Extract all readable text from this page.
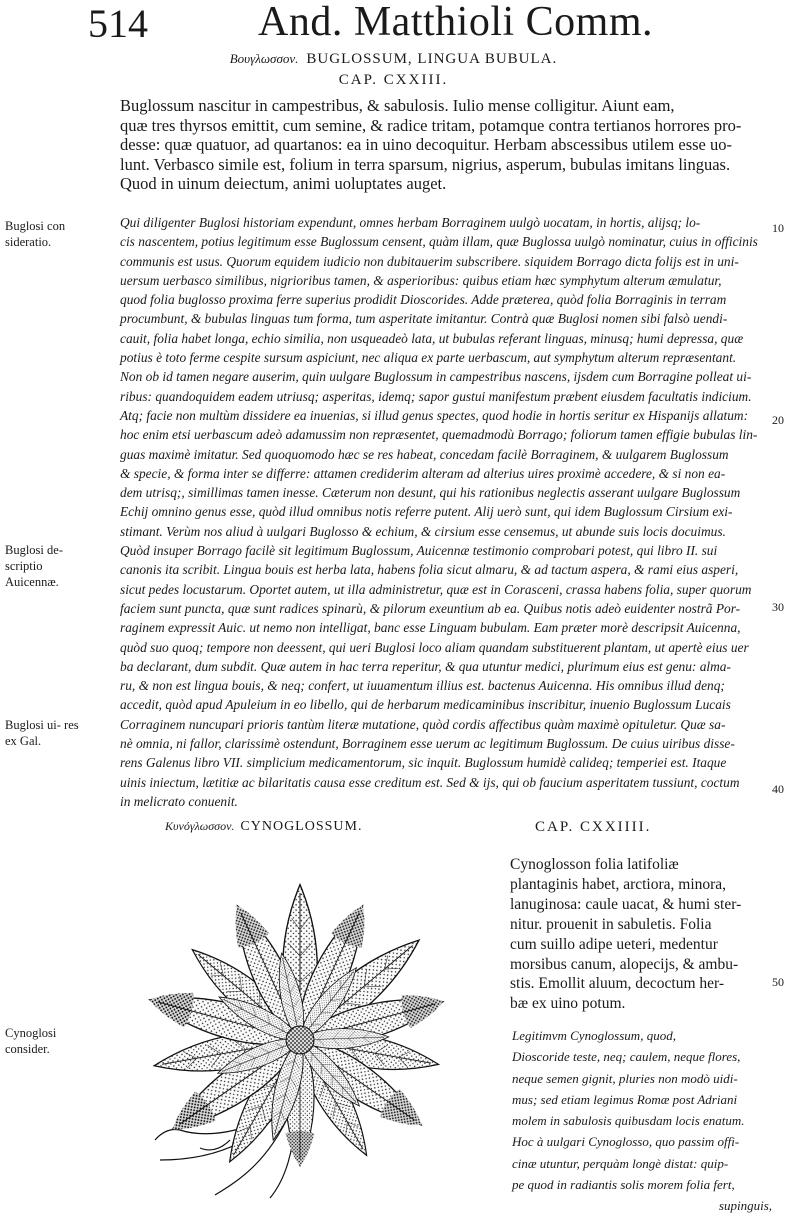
514	And. Matthioli Comm.
Βουγλωσσον. BUGLOSSUM, LINGUA BUBULA.
CAP. CXXIII.
Buglossum nascitur in campestribus, & sabulosis. Iulio mense colligitur. Aiunt eam,
quæ tres thyrsos emittit, cum semine, & radice tritam, potamque contra tertianos horrores pro-
desse: quæ quatuor, ad quartanos: ea in uino decoquitur. Herbam abscessibus utilem esse uo-
lunt. Verbasco simile est, folium in terra sparsum, nigrius, asperum, bubulas imitans linguas.
Quod in uinum deiectum, animi uoluptates auget.
Qui diligenter Buglosi historiam expendunt, omnes herbam Borraginem uulgò uocatam, in hortis, alijsq; lo-
cis nascentem, potius legitimum esse Buglossum censent, quàm illam, quæ Buglossa uulgò nominatur, cuius in officinis
communis est usus. Quorum equidem iudicio non dubitauerim subscribere. siquidem Borrago dicta folijs est in uni-
uersum uerbasco similibus, nigrioribus tamen, & asperioribus: quibus etiam hæc symphytum alterum æmulatur,
quod folia buglosso proxima ferre superius prodidit Dioscorides. Adde præterea, quòd folia Borraginis in terram
procumbunt, & bubulas linguas tum forma, tum asperitate imitantur. Contrà quæ Buglosi nomen sibi falsò uendi-
cauit, folia habet longa, echio similia, non usqueadeò lata, ut bubulas referant linguas, minusq; humi depressa, quæ
potius è toto ferme cespite sursum aspiciunt, nec aliqua ex parte uerbascum, aut symphytum alterum repræsentant.
Non ob id tamen negare auserim, quin uulgare Buglossum in campestribus nascens, ijsdem cum Borragine polleat ui-
ribus: quandoquidem eadem utriusq; asperitas, idemq; sapor gustui manifestum præbent eiusdem facultatis indicium.
Atq; facie non multùm dissidere ea inuenias, si illud genus spectes, quod hodie in hortis seritur ex Hispanijs allatum:
hoc enim etsi uerbascum adeò adamussim non repræsentet, quemadmodù Borrago; foliorum tamen effigie bubulas lin-
guas maximè imitatur. Sed quoquomodo hæc se res habeat, concedam facilè Borraginem, & uulgarem Buglossum
& specie, & forma inter se differre: attamen crediderim alteram ad alterius uires proximè accedere, & si non ea-
dem utrisq;, simillimas tamen inesse. Cæterum non desunt, qui his rationibus neglectis asserant uulgare Buglossum
Echij omnino genus esse, quòd illud omnibus notis referre putent. Alij uerò sunt, qui idem Buglossum Cirsium exi-
stimant. Verùm nos aliud à uulgari Buglosso & echium, & cirsium esse censemus, ut abunde suis locis docuimus.
Quòd insuper Borrago facilè sit legitimum Buglossum, Auicennæ testimonio comprobari potest, qui libro II. sui
canonis ita scribit. Lingua bouis est herba lata, habens folia sicut almaru, & ad tactum aspera, & rami eius asperi,
sicut pedes locustarum. Oportet autem, ut illa administretur, quæ est in Corasceni, crassa habens folia, super quorum
faciem sunt puncta, quæ sunt radices spinarù, & pilorum exeuntium ab ea. Quibus notis adeò euidenter nostrã Por-
raginem expressit Auic. ut nemo non intelligat, banc esse Linguam bubulam. Eam præter morè descripsit Auicenna,
quòd suo quoq; tempore non deessent, qui ueri Buglosi loco aliam quandam substituerent plantam, ut apertè eius uer
ba declarant, dum subdit. Quæ autem in hac terra reperitur, & qua utuntur medici, plurimum eius est genu: alma-
ru, & non est lingua bouis, & neq; confert, ut iuuamentum illius est. bactenus Auicenna. His omnibus illud denq;
accedit, quòd apud Apuleium in eo libello, qui de herbarum medicaminibus inscribitur, inuenio Buglossum Lucais
Corraginem nuncupari prioris tantùm literæ mutatione, quòd cordis affectibus quàm maximè opituletur. Quæ sa-
nè omnia, ni fallor, clarissimè ostendunt, Borraginem esse uerum ac legitimum Buglossum. De cuius uiribus disse-
rens Galenus libro VII. simplicium medicamentorum, sic inquit. Buglossum humidè calideq; temperiei est. Itaque
uinis iniectum, lætitiæ ac bilaritatis causa esse creditum est. Sed & ijs, qui ob faucium asperitatem tussiunt, coctum
in melicrato conuenit.
Buglosi con sideratio.
Buglosi de- scriptio Auicennæ.
Buglosi ui- res ex Gal.
Cynoglosi consider.
10
20
30
40
50
Κυνόγλωσσον. CYNOGLOSSUM.	CAP. CXXIIII.
Cynoglosson folia latifoliæ
plantaginis habet, arctiora, minora,
lanuginosa: caule uacat, & humi ster-
nitur. prouenit in sabuletis. Folia
cum suillo adipe ueteri, medentur
morsibus canum, alopecijs, & ambu-
stis. Emollit aluum, decoctum her-
bæ ex uino potum.
Legitimvm Cynoglossum, quod,
Dioscoride teste, neq; caulem, neque flores,
neque semen gignit, pluries non modò uidi-
mus; sed etiam legimus Romæ post Adriani
molem in sabulosis quibusdam locis enatum.
Hoc à uulgari Cynoglosso, quo passim offi-
cinæ utuntur, perquàm longè distat: quip-
pe quod in radiantis solis morem folia fert,
supinguis,
